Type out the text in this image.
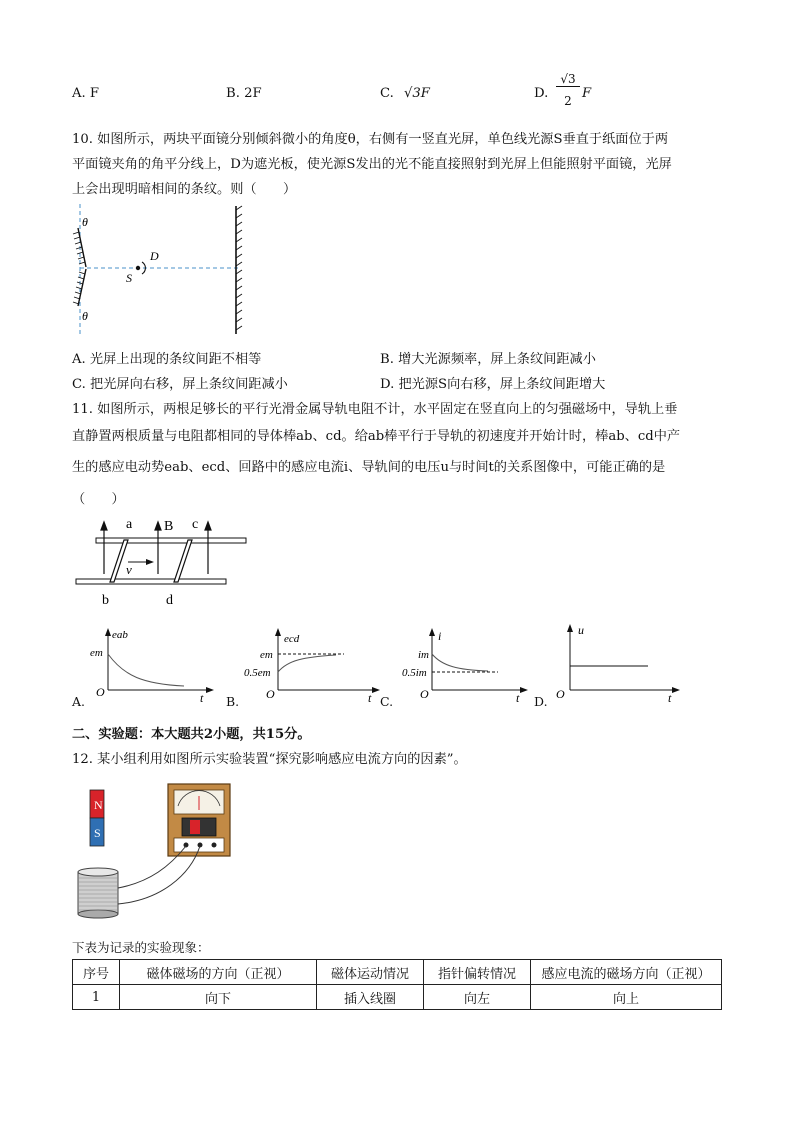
A. F	B. 2F	C. √3F	D.
√3
2 F
10. 如图所示，两块平面镜分别倾斜微小的角度θ，右侧有一竖直光屏，单色线光源S垂直于纸面位于两
平面镜夹角的角平分线上，D为遮光板，使光源S发出的光不能直接照射到光屏上但能照射平面镜，光屏
上会出现明暗相间的条纹。则（　　）
θ
θ
D
S
A. 光屏上出现的条纹间距不相等	B. 增大光源频率，屏上条纹间距减小
C. 把光屏向右移，屏上条纹间距减小	D. 把光源S向右移，屏上条纹间距增大
11. 如图所示，两根足够长的平行光滑金属导轨电阻不计，水平固定在竖直向上的匀强磁场中，导轨上垂
直静置两根质量与电阻都相同的导体棒ab、cd。给ab棒平行于导轨的初速度并开始计时，棒ab、cd中产
生的感应电动势eab、ecd、回路中的感应电流i、导轨间的电压u与时间t的关系图像中，可能正确的是
（　　）
a B c
v
b	d
A.
eab
em
O	t B.
ecd
em
0.5em
O	t C.
i
im
0.5im
O	t D.
u
O	t
二、实验题：本大题共2小题，共15分。
12. 某小组利用如图所示实验装置“探究影响感应电流方向的因素”。
N
S
下表为记录的实验现象：
序号	磁体磁场的方向（正视）	磁体运动情况	指针偏转情况	感应电流的磁场方向（正视）
1	向下	插入线圈	向左	向上
